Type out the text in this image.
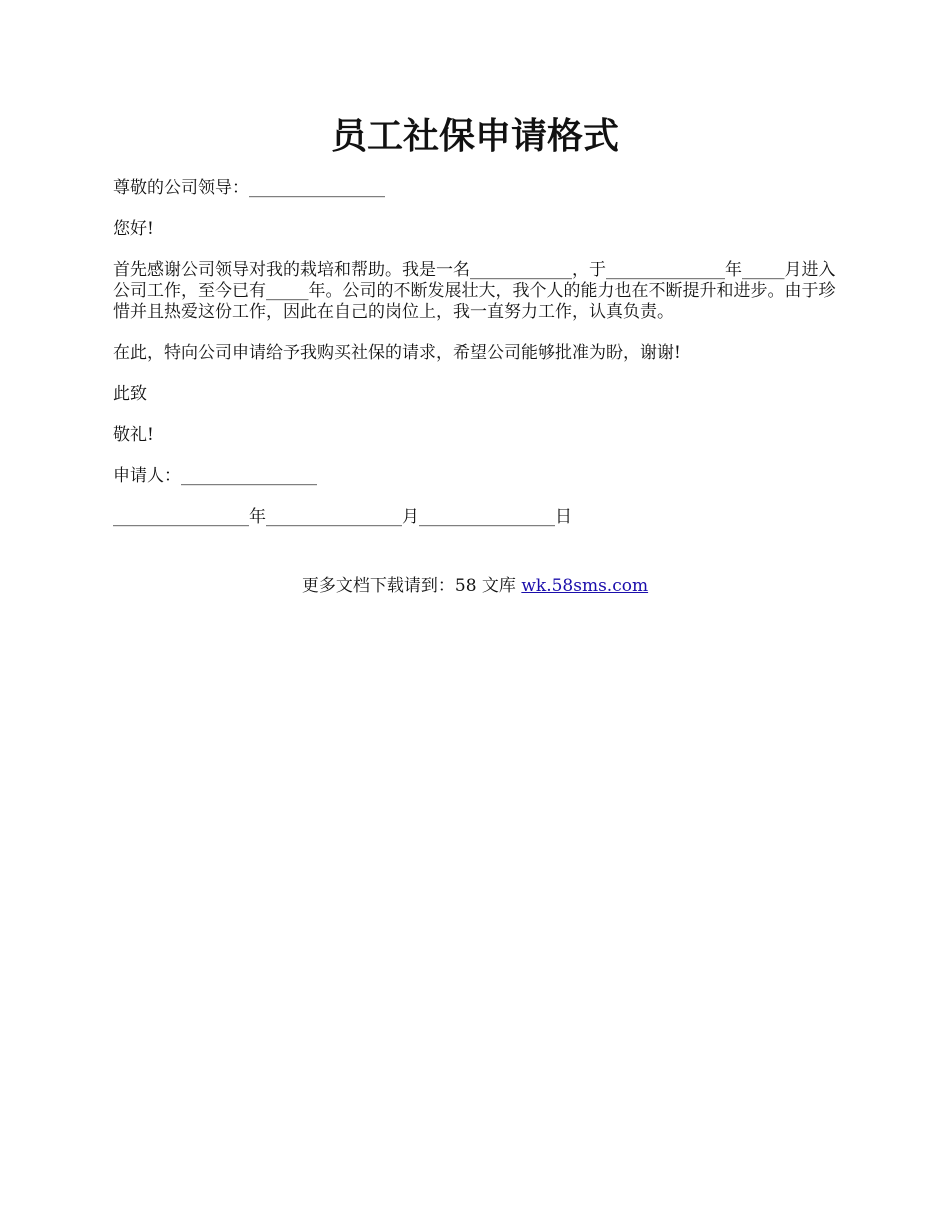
员工社保申请格式

尊敬的公司领导：________________

您好!

首先感谢公司领导对我的栽培和帮助。我是一名____________，于______________年_____月进入公司工作，至今已有_____年。公司的不断发展壮大，我个人的能力也在不断提升和进步。由于珍惜并且热爱这份工作，因此在自己的岗位上，我一直努力工作，认真负责。

在此，特向公司申请给予我购买社保的请求，希望公司能够批准为盼，谢谢!

此致

敬礼!

申请人：________________

________________年________________月________________日

更多文档下载请到：58 文库 wk.58sms.com
